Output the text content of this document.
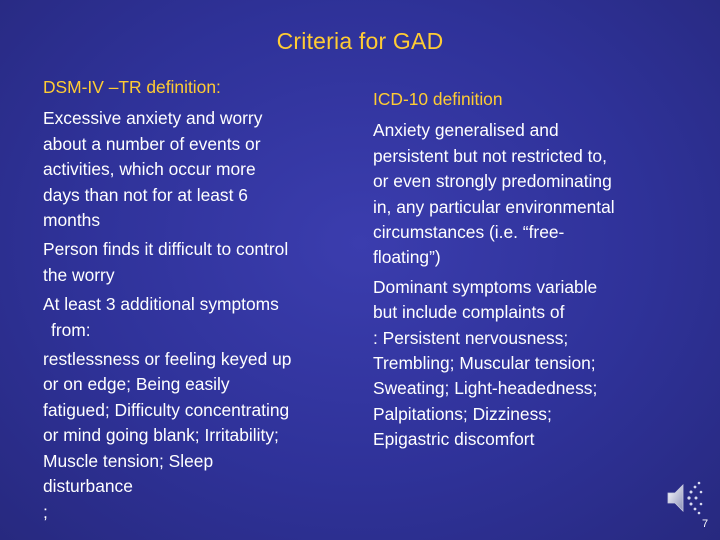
Criteria for GAD

DSM-IV –TR definition:

Excessive anxiety and worry

about a number of events or

activities, which occur more

days than not for at least 6

months

Person finds it difficult to control

the worry

At least 3 additional symptoms

from:

restlessness or feeling keyed up

or on edge; Being easily

fatigued; Difficulty concentrating

or mind going blank; Irritability;

Muscle tension; Sleep

disturbance

;

ICD-10 definition

Anxiety generalised and

persistent but not restricted to,

or even strongly predominating

in, any particular environmental

circumstances (i.e. “free-

floating”)

Dominant symptoms variable

but include complaints of

: Persistent nervousness;

Trembling; Muscular tension;

Sweating; Light-headedness;

Palpitations; Dizziness;

Epigastric discomfort

7
